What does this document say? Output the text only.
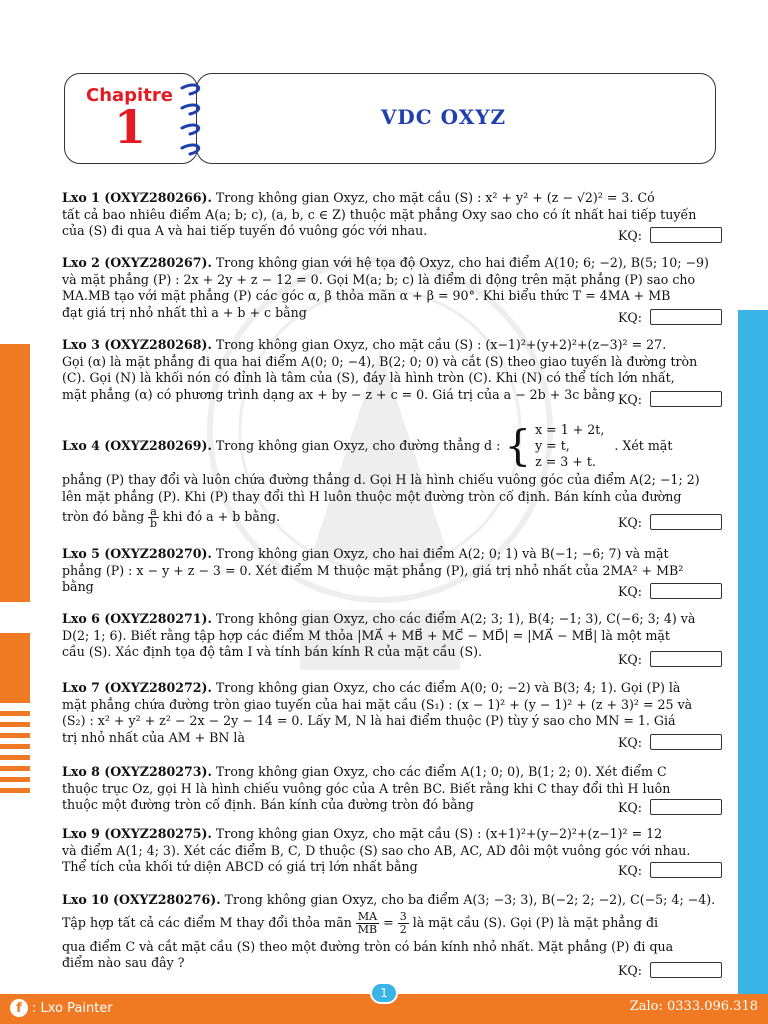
Chapitre
1	VDC OXYZ
Lxo 1 (OXYZ280266). Trong không gian Oxyz, cho mặt cầu (S) : x² + y² + (z − √2)² = 3. Có
tất cả bao nhiêu điểm A(a; b; c), (a, b, c ∈ Z) thuộc mặt phẳng Oxy sao cho có ít nhất hai tiếp tuyến
của (S) đi qua A và hai tiếp tuyến đó vuông góc với nhau.	KQ:
Lxo 2 (OXYZ280267). Trong không gian với hệ tọa độ Oxyz, cho hai điểm A(10; 6; −2), B(5; 10; −9)
và mặt phẳng (P) : 2x + 2y + z − 12 = 0. Gọi M(a; b; c) là điểm di động trên mặt phẳng (P) sao cho
MA.MB tạo với mặt phẳng (P) các góc α, β thỏa mãn α + β = 90°. Khi biểu thức T = 4MA + MB
đạt giá trị nhỏ nhất thì a + b + c bằng	KQ:
Lxo 3 (OXYZ280268). Trong không gian Oxyz, cho mặt cầu (S) : (x−1)²+(y+2)²+(z−3)² = 27.
Gọi (α) là mặt phẳng đi qua hai điểm A(0; 0; −4), B(2; 0; 0) và cắt (S) theo giao tuyến là đường tròn
(C). Gọi (N) là khối nón có đỉnh là tâm của (S), đáy là hình tròn (C). Khi (N) có thể tích lớn nhất,
mặt phẳng (α) có phương trình dạng ax + by − z + c = 0. Giá trị của a − 2b + 3c bằng KQ:
Lxo 4 (OXYZ280269).
Trong không gian Oxyz, cho đường thẳng d : { x = 1 + 2t,
y = t,
z = 3 + t.
. Xét mặt
phẳng (P) thay đổi và luôn chứa đường thẳng d. Gọi H là hình chiếu vuông góc của điểm A(2; −1; 2)
lên mặt phẳng (P). Khi (P) thay đổi thì H luôn thuộc một đường tròn cố định. Bán kính của đường
tròn đó bằng
$\frac{a}{b}$
khi đó a + b bằng.	KQ:
Lxo 5 (OXYZ280270). Trong không gian Oxyz, cho hai điểm A(2; 0; 1) và B(−1; −6; 7) và mặt
phẳng (P) : x − y + z − 3 = 0. Xét điểm M thuộc mặt phẳng (P), giá trị nhỏ nhất của 2MA² + MB²
bằng	KQ:
Lxo 6 (OXYZ280271). Trong không gian Oxyz, cho các điểm A(2; 3; 1), B(4; −1; 3), C(−6; 3; 4) và
D(2; 1; 6). Biết rằng tập hợp các điểm M thỏa |MA⃗ + MB⃗ + MC⃗ − MD⃗| = |MA⃗ − MB⃗| là một mặt
cầu (S). Xác định tọa độ tâm I và tính bán kính R của mặt cầu (S).	KQ:
Lxo 7 (OXYZ280272). Trong không gian Oxyz, cho các điểm A(0; 0; −2) và B(3; 4; 1). Gọi (P) là
mặt phẳng chứa đường tròn giao tuyến của hai mặt cầu (S₁) : (x − 1)² + (y − 1)² + (z + 3)² = 25 và
(S₂) : x² + y² + z² − 2x − 2y − 14 = 0. Lấy M, N là hai điểm thuộc (P) tùy ý sao cho MN = 1. Giá
trị nhỏ nhất của AM + BN là	KQ:
Lxo 8 (OXYZ280273). Trong không gian Oxyz, cho các điểm A(1; 0; 0), B(1; 2; 0). Xét điểm C
thuộc trục Oz, gọi H là hình chiếu vuông góc của A trên BC. Biết rằng khi C thay đổi thì H luôn
thuộc một đường tròn cố định. Bán kính của đường tròn đó bằng	KQ:
Lxo 9 (OXYZ280275). Trong không gian Oxyz, cho mặt cầu (S) : (x+1)²+(y−2)²+(z−1)² = 12
và điểm A(1; 4; 3). Xét các điểm B, C, D thuộc (S) sao cho AB, AC, AD đôi một vuông góc với nhau.
Thể tích của khối tứ diện ABCD có giá trị lớn nhất bằng	KQ:
Lxo 10 (OXYZ280276). Trong không gian Oxyz, cho ba điểm A(3; −3; 3), B(−2; 2; −2), C(−5; 4; −4).
Tập hợp tất cả các điểm M thay đổi thỏa mãn
$\frac{MA}{MB}$
=
$\frac{3}{2}$
là mặt cầu (S). Gọi (P) là mặt phẳng đi
qua điểm C và cắt mặt cầu (S) theo một đường tròn có bán kính nhỏ nhất. Mặt phẳng (P) đi qua
điểm nào sau đây ?	KQ:
f : Lxo Painter
1
Zalo: 0333.096.318
